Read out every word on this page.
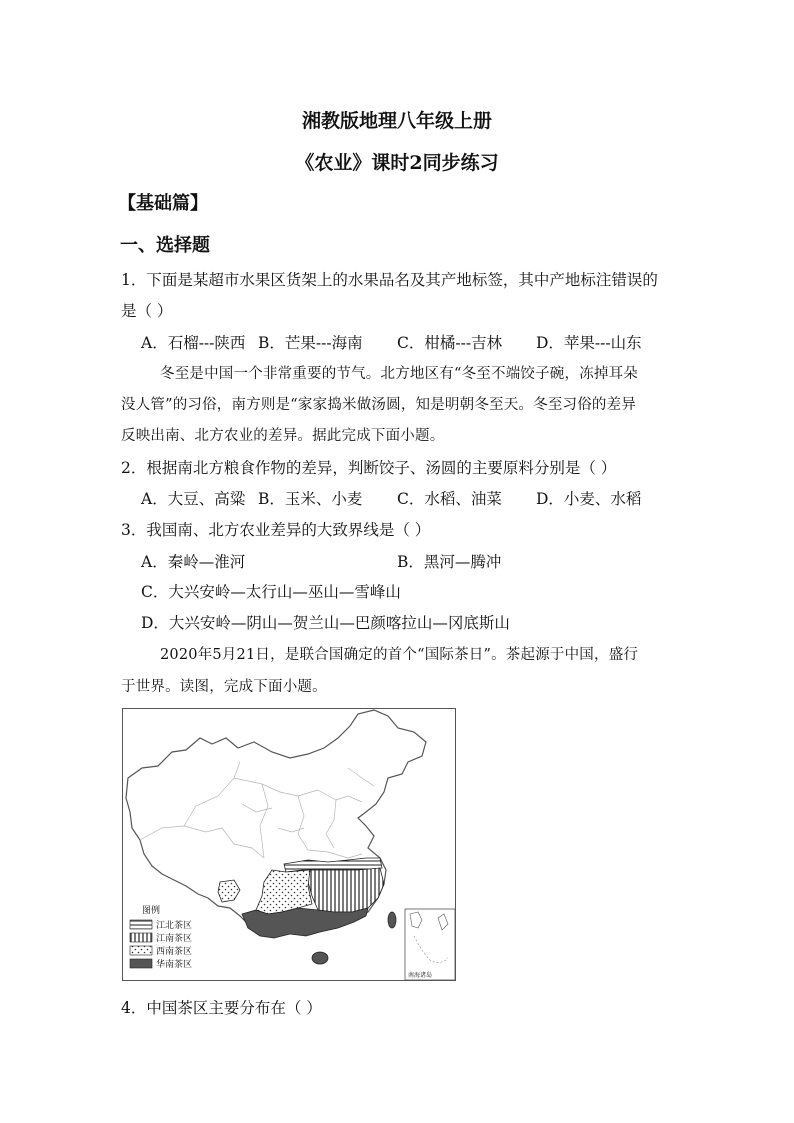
湘教版地理八年级上册
《农业》课时2同步练习
【基础篇】
一、选择题
1．下面是某超市水果区货架上的水果品名及其产地标签，其中产地标注错误的
是（ ）
A．石榴---陕西 B．芒果---海南 C．柑橘---吉林 D．苹果---山东
冬至是中国一个非常重要的节气。北方地区有“冬至不端饺子碗，冻掉耳朵
没人管”的习俗，南方则是“家家捣米做汤圆，知是明朝冬至天。冬至习俗的差异
反映出南、北方农业的差异。据此完成下面小题。
2．根据南北方粮食作物的差异，判断饺子、汤圆的主要原料分别是（ ）
A．大豆、高粱 B．玉米、小麦 C．水稻、油菜 D．小麦、水稻
3．我国南、北方农业差异的大致界线是（ ）
A．秦岭—淮河	B．黑河—腾冲
C．大兴安岭—太行山—巫山—雪峰山
D．大兴安岭—阴山—贺兰山—巴颜喀拉山—冈底斯山
2020年5月21日，是联合国确定的首个“国际茶日”。茶起源于中国，盛行
于世界。读图，完成下面小题。
图例
江北茶区
江南茶区
西南茶区
华南茶区
南海诸岛
4．中国茶区主要分布在（ ）
